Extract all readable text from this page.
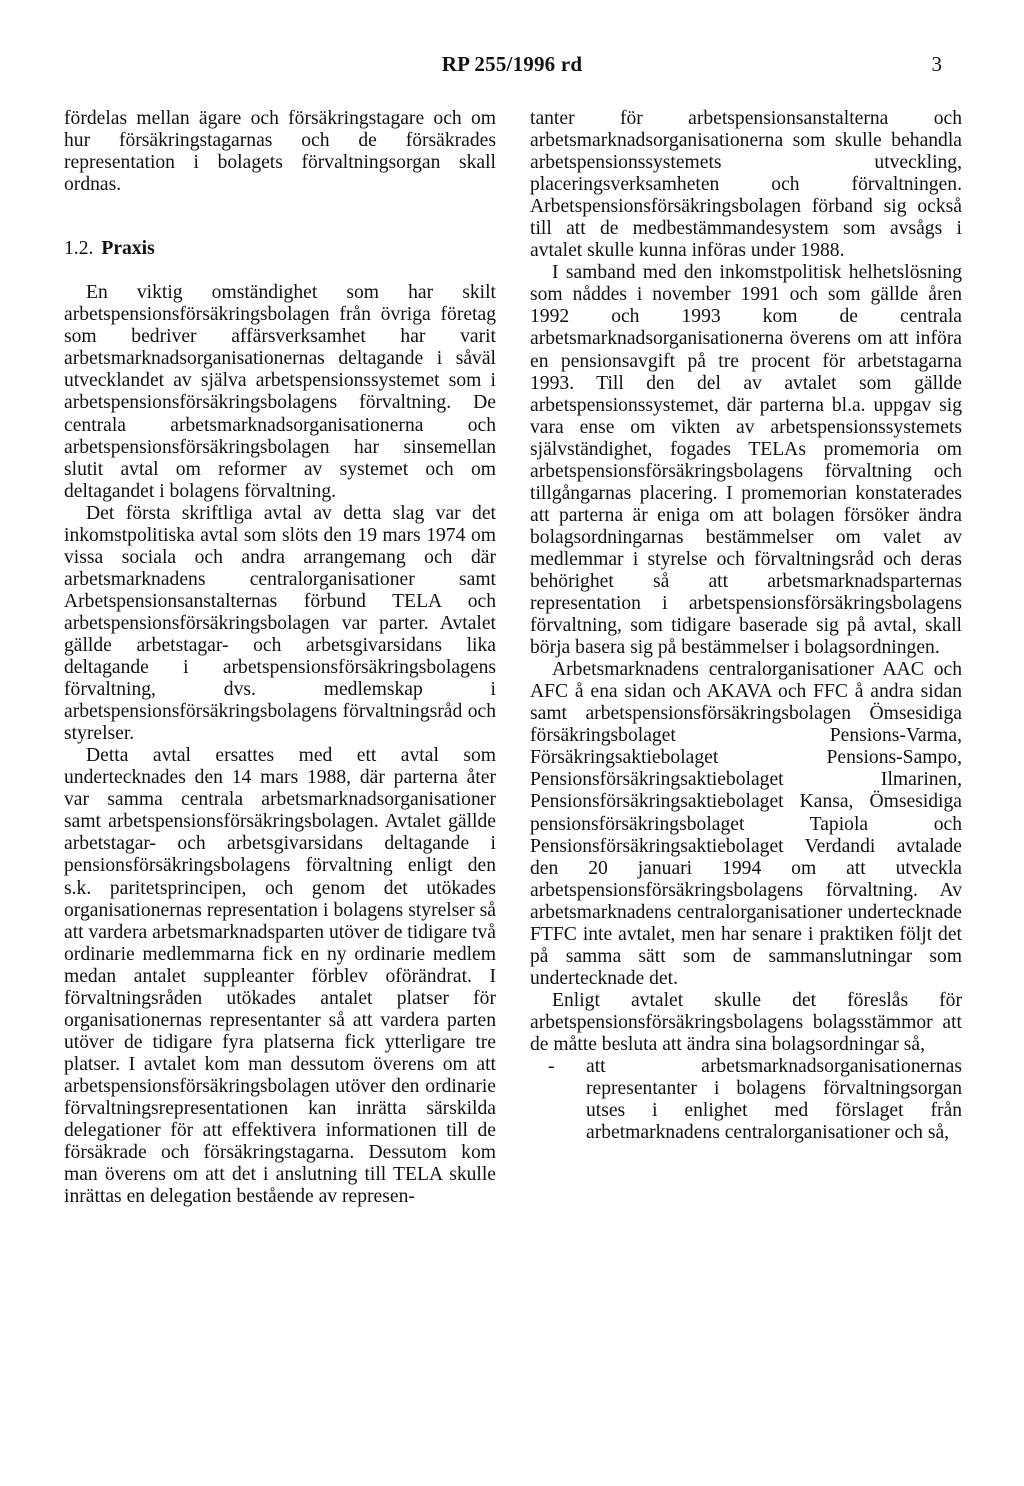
RP 255/1996 rd	3

fördelas mellan ägare och försäkringstagare och om hur försäkringstagarnas och de försäkrades representation i bolagets förvaltningsorgan skall ordnas.

1.2. Praxis

En viktig omständighet som har skilt arbetspensionsförsäkringsbolagen från övriga företag som bedriver affärsverksamhet har varit arbetsmarknadsorganisationernas deltagande i såväl utvecklandet av själva arbetspensionssystemet som i arbetspensionsförsäkringsbolagens förvaltning. De centrala arbetsmarknadsorganisationerna och arbetspensionsförsäkringsbolagen har sinsemellan slutit avtal om reformer av systemet och om deltagandet i bolagens förvaltning.

Det första skriftliga avtal av detta slag var det inkomstpolitiska avtal som slöts den 19 mars 1974 om vissa sociala och andra arrangemang och där arbetsmarknadens centralorganisationer samt Arbetspensionsanstalternas förbund TELA och arbetspensionsförsäkringsbolagen var parter. Avtalet gällde arbetstagar- och arbetsgivarsidans lika deltagande i arbetspensionsförsäkringsbolagens förvaltning, dvs. medlemskap i arbetspensionsförsäkringsbolagens förvaltningsråd och styrelser.

Detta avtal ersattes med ett avtal som undertecknades den 14 mars 1988, där parterna åter var samma centrala arbetsmarknadsorganisationer samt arbetspensionsförsäkringsbolagen. Avtalet gällde arbetstagar- och arbetsgivarsidans deltagande i pensionsförsäkringsbolagens förvaltning enligt den s.k. paritetsprincipen, och genom det utökades organisationernas representation i bolagens styrelser så att vardera arbetsmarknadsparten utöver de tidigare två ordinarie medlemmarna fick en ny ordinarie medlem medan antalet suppleanter förblev oförändrat. I förvaltningsråden utökades antalet platser för organisationernas representanter så att vardera parten utöver de tidigare fyra platserna fick ytterligare tre platser. I avtalet kom man dessutom överens om att arbetspensionsförsäkringsbolagen utöver den ordinarie förvaltningsrepresentationen kan inrätta särskilda delegationer för att effektivera informationen till de försäkrade och försäkringstagarna. Dessutom kom man överens om att det i anslutning till TELA skulle inrättas en delegation bestående av represen-

tanter för arbetspensionsanstalterna och arbetsmarknadsorganisationerna som skulle behandla arbetspensionssystemets utveckling, placeringsverksamheten och förvaltningen. Arbetspensionsförsäkringsbolagen förband sig också till att de medbestämmandesystem som avsågs i avtalet skulle kunna införas under 1988.

I samband med den inkomstpolitisk helhetslösning som nåddes i november 1991 och som gällde åren 1992 och 1993 kom de centrala arbetsmarknadsorganisationerna överens om att införa en pensionsavgift på tre procent för arbetstagarna 1993. Till den del av avtalet som gällde arbetspensionssystemet, där parterna bl.a. uppgav sig vara ense om vikten av arbetspensionssystemets självständighet, fogades TELAs promemoria om arbetspensionsförsäkringsbolagens förvaltning och tillgångarnas placering. I promemorian konstaterades att parterna är eniga om att bolagen försöker ändra bolagsordningarnas bestämmelser om valet av medlemmar i styrelse och förvaltningsråd och deras behörighet så att arbetsmarknadsparternas representation i arbetspensionsförsäkringsbolagens förvaltning, som tidigare baserade sig på avtal, skall börja basera sig på bestämmelser i bolagsordningen.

Arbetsmarknadens centralorganisationer AAC och AFC å ena sidan och AKAVA och FFC å andra sidan samt arbetspensionsförsäkringsbolagen Ömsesidiga försäkringsbolaget Pensions-Varma, Försäkringsaktiebolaget Pensions-Sampo, Pensionsförsäkringsaktiebolaget Ilmarinen, Pensionsförsäkringsaktiebolaget Kansa, Ömsesidiga pensionsförsäkringsbolaget Tapiola och Pensionsförsäkringsaktiebolaget Verdandi avtalade den 20 januari 1994 om att utveckla arbetspensionsförsäkringsbolagens förvaltning. Av arbetsmarknadens centralorganisationer undertecknade FTFC inte avtalet, men har senare i praktiken följt det på samma sätt som de sammanslutningar som undertecknade det.

Enligt avtalet skulle det föreslås för arbetspensionsförsäkringsbolagens bolagsstämmor att de måtte besluta att ändra sina bolagsordningar så,

-	att arbetsmarknadsorganisationernas representanter i bolagens förvaltningsorgan utses i enlighet med förslaget från arbetmarknadens centralorganisationer och så,
